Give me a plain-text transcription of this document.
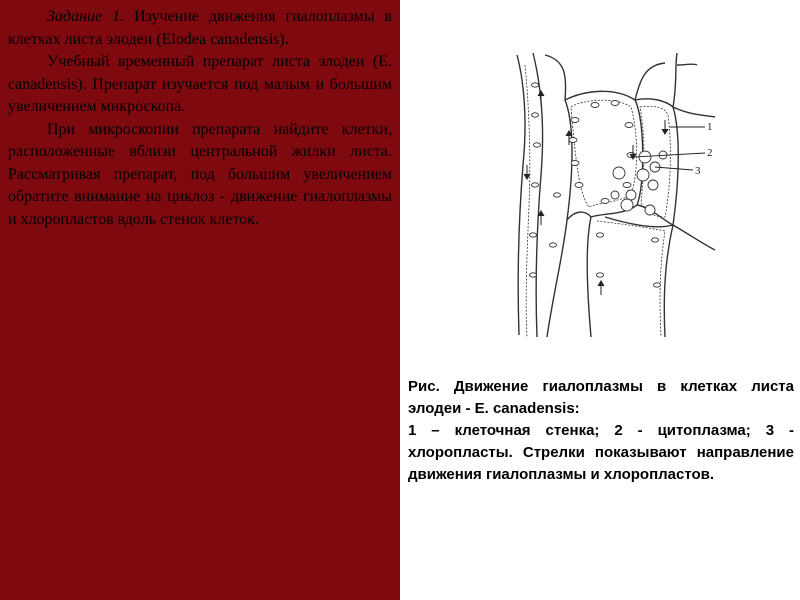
Задание 1. Изучение движения гиалоплазмы в клетках листа элодеи (Elodea canadensis).

Учебный временный препарат листа элодеи (E. canadensis). Препарат изучается под малым и большим увеличением микроскопа.

При микроскопии препарата найдите клетки, расположенные вблизи центральной жилки листа. Рассматривая препарат, под большим увеличением обратите внимание на циклоз - движение гиалоплазмы и хлоропластов вдоль стенок клеток.

1
2
3

Рис. Движение гиалоплазмы в клетках листа элодеи - E. canadensis:

1 – клеточная стенка; 2 - цитоплазма; 3 - хлоропласты. Стрелки показывают направление движения гиалоплазмы и хлоропластов.
